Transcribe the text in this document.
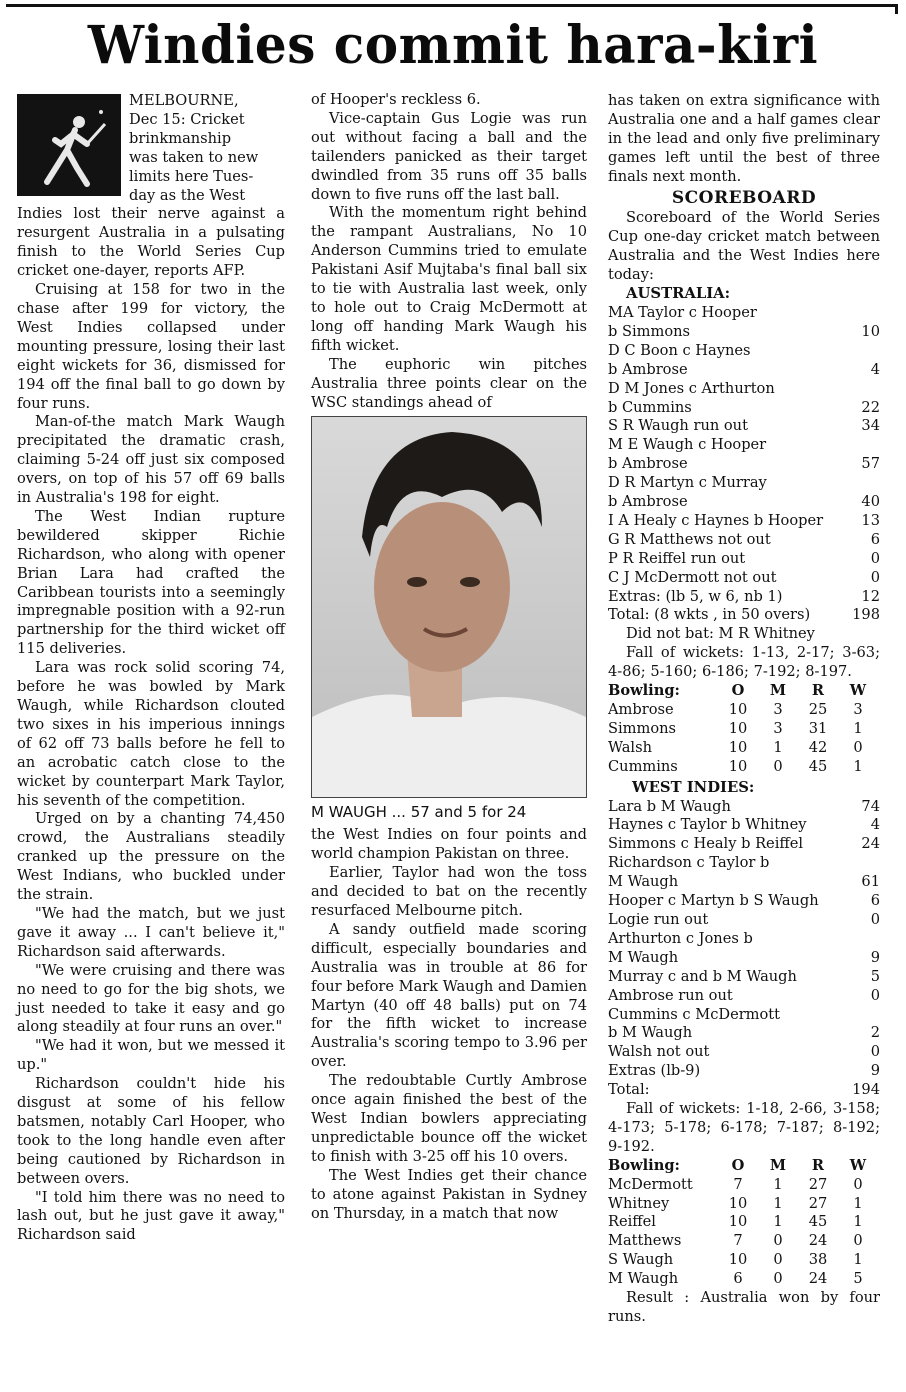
Windies commit hara-kiri
MELBOURNE,
Dec 15: Cricket
brinkmanship
was taken to new
limits here Tues-
day as the West

Indies lost their nerve against a resurgent Australia in a pulsating finish to the World Series Cup cricket one-dayer, reports AFP.

Cruising at 158 for two in the chase after 199 for victory, the West Indies collapsed under mounting pressure, losing their last eight wickets for 36, dismissed for 194 off the final ball to go down by four runs.

Man-of-the match Mark Waugh precipitated the dramatic crash, claiming 5-24 off just six composed overs, on top of his 57 off 69 balls in Australia's 198 for eight.

The West Indian rupture bewildered skipper Richie Richardson, who along with opener Brian Lara had crafted the Caribbean tourists into a seemingly impregnable position with a 92-run partnership for the third wicket off 115 deliveries.

Lara was rock solid scoring 74, before he was bowled by Mark Waugh, while Richardson clouted two sixes in his imperious innings of 62 off 73 balls before he fell to an acrobatic catch close to the wicket by counterpart Mark Taylor, his seventh of the competition.

Urged on by a chanting 74,450 crowd, the Australians steadily cranked up the pressure on the West Indians, who buckled under the strain.

"We had the match, but we just gave it away ... I can't believe it," Richardson said afterwards.

"We were cruising and there was no need to go for the big shots, we just needed to take it easy and go along steadily at four runs an over."

"We had it won, but we messed it up."

Richardson couldn't hide his disgust at some of his fellow batsmen, notably Carl Hooper, who took to the long handle even after being cautioned by Richardson in between overs.

"I told him there was no need to lash out, but he just gave it away," Richardson said

of Hooper's reckless 6.

Vice-captain Gus Logie was run out without facing a ball and the tailenders panicked as their target dwindled from 35 runs off 35 balls down to five runs off the last ball.

With the momentum right behind the rampant Australians, No 10 Anderson Cummins tried to emulate Pakistani Asif Mujtaba's final ball six to tie with Australia last week, only to hole out to Craig McDermott at long off handing Mark Waugh his fifth wicket.

The euphoric win pitches Australia three points clear on the WSC standings ahead of

M WAUGH ... 57 and 5 for 24

the West Indies on four points and world champion Pakistan on three.

Earlier, Taylor had won the toss and decided to bat on the recently resurfaced Melbourne pitch.

A sandy outfield made scoring difficult, especially boundaries and Australia was in trouble at 86 for four before Mark Waugh and Damien Martyn (40 off 48 balls) put on 74 for the fifth wicket to increase Australia's scoring tempo to 3.96 per over.

The redoubtable Curtly Ambrose once again finished the best of the West Indian bowlers appreciating unpredictable bounce off the wicket to finish with 3-25 off his 10 overs.

The West Indies get their chance to atone against Pakistan in Sydney on Thursday, in a match that now

has taken on extra significance with Australia one and a half games clear in the lead and only five preliminary games left until the best of three finals next month.

SCOREBOARD

Scoreboard of the World Series Cup one-day cricket match between Australia and the West Indies here today:

AUSTRALIA:
MA Taylor c Hooper
b Simmons	10
D C Boon c Haynes
b Ambrose	4
D M Jones c Arthurton
b Cummins	22
S R Waugh run out	34
M E Waugh c Hooper
b Ambrose	57
D R Martyn c Murray
b Ambrose	40
I A Healy c Haynes b Hooper	13
G R Matthews not out	6
P R Reiffel run out	0
C J McDermott not out	0
Extras: (lb 5, w 6, nb 1)	12
Total: (8 wkts , in 50 overs)	198

Did not bat: M R Whitney

Fall of wickets: 1-13, 2-17; 3-63; 4-86; 5-160; 6-186; 7-192; 8-197.

Bowling:	O	M	R	W
Ambrose	10	3	25	3
Simmons	10	3	31	1
Walsh	10	1	42	0
Cummins	10	0	45	1
WEST INDIES:
Lara b M Waugh	74
Haynes c Taylor b Whitney	4
Simmons c Healy b Reiffel	24
Richardson c Taylor b
M Waugh	61
Hooper c Martyn b S Waugh	6
Logie run out	0
Arthurton c Jones b
M Waugh	9
Murray c and b M Waugh	5
Ambrose run out	0
Cummins c McDermott
b M Waugh	2
Walsh not out	0
Extras (lb-9)	9
Total:	194

Fall of wickets: 1-18, 2-66, 3-158; 4-173; 5-178; 6-178; 7-187; 8-192; 9-192.

Bowling:	O	M	R	W
McDermott	7	1	27	0
Whitney	10	1	27	1
Reiffel	10	1	45	1
Matthews	7	0	24	0
S Waugh	10	0	38	1
M Waugh	6	0	24	5

Result : Australia won by four runs.
